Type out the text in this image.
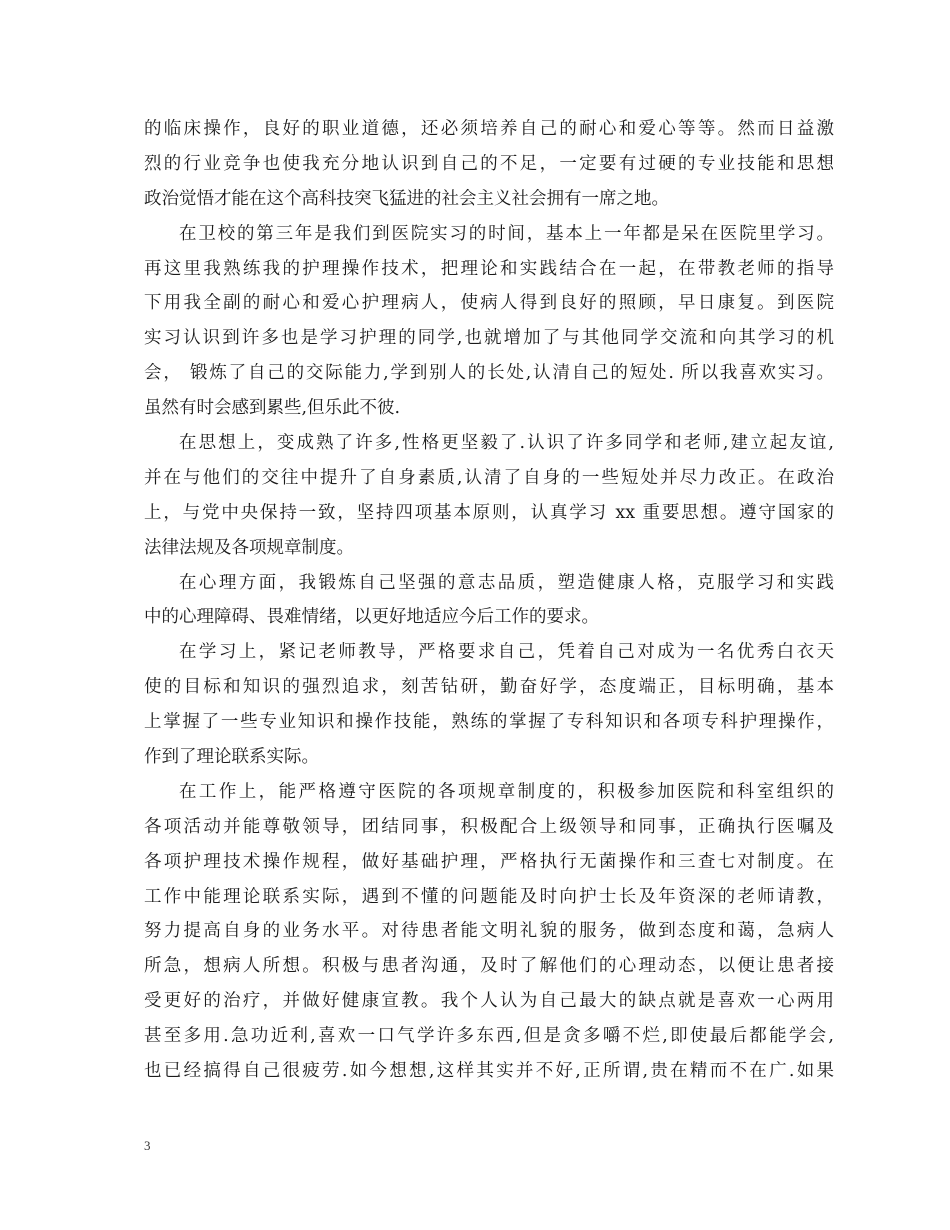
的临床操作，良好的职业道德，还必须培养自己的耐心和爱心等等。然而日益激
烈的行业竞争也使我充分地认识到自己的不足，一定要有过硬的专业技能和思想
政治觉悟才能在这个高科技突飞猛进的社会主义社会拥有一席之地。
在卫校的第三年是我们到医院实习的时间，基本上一年都是呆在医院里学习。
再这里我熟练我的护理操作技术，把理论和实践结合在一起，在带教老师的指导
下用我全副的耐心和爱心护理病人，使病人得到良好的照顾，早日康复。到医院
实习认识到许多也是学习护理的同学,也就增加了与其他同学交流和向其学习的机
会， 锻炼了自己的交际能力,学到别人的长处,认清自己的短处. 所以我喜欢实习。
虽然有时会感到累些,但乐此不彼.
在思想上，变成熟了许多,性格更坚毅了.认识了许多同学和老师,建立起友谊,
并在与他们的交往中提升了自身素质,认清了自身的一些短处并尽力改正。在政治
上，与党中央保持一致，坚持四项基本原则，认真学习 xx 重要思想。遵守国家的
法律法规及各项规章制度。
在心理方面，我锻炼自己坚强的意志品质，塑造健康人格，克服学习和实践
中的心理障碍、畏难情绪，以更好地适应今后工作的要求。
在学习上，紧记老师教导，严格要求自己，凭着自己对成为一名优秀白衣天
使的目标和知识的强烈追求，刻苦钻研，勤奋好学，态度端正，目标明确，基本
上掌握了一些专业知识和操作技能，熟练的掌握了专科知识和各项专科护理操作，
作到了理论联系实际。
在工作上，能严格遵守医院的各项规章制度的，积极参加医院和科室组织的
各项活动并能尊敬领导，团结同事，积极配合上级领导和同事，正确执行医嘱及
各项护理技术操作规程，做好基础护理，严格执行无菌操作和三查七对制度。在
工作中能理论联系实际，遇到不懂的问题能及时向护士长及年资深的老师请教，
努力提高自身的业务水平。对待患者能文明礼貌的服务，做到态度和蔼，急病人
所急，想病人所想。积极与患者沟通，及时了解他们的心理动态，以便让患者接
受更好的治疗，并做好健康宣教。我个人认为自己最大的缺点就是喜欢一心两用
甚至多用.急功近利,喜欢一口气学许多东西,但是贪多嚼不烂,即使最后都能学会,
也已经搞得自己很疲劳.如今想想,这样其实并不好,正所谓,贵在精而不在广.如果
3
